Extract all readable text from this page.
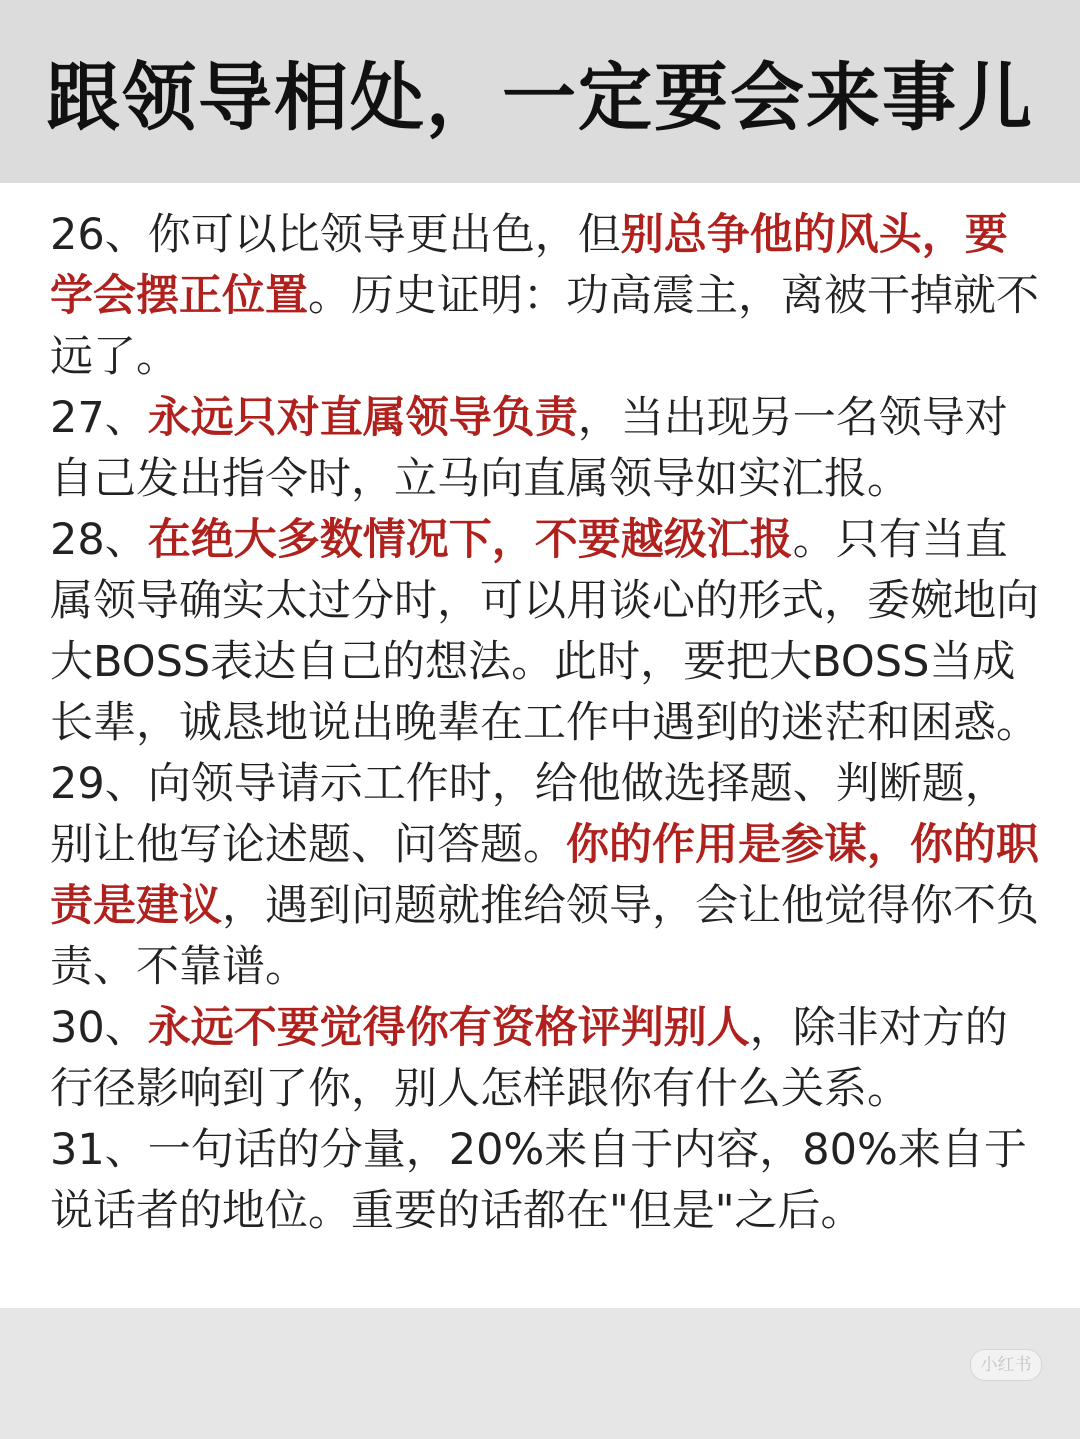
跟领导相处，一定要会来事儿

26、你可以比领导更出色，但别总争他的风头，要学会摆正位置。历史证明：功高震主，离被干掉就不远了。

27、永远只对直属领导负责，当出现另一名领导对自己发出指令时，立马向直属领导如实汇报。

28、在绝大多数情况下，不要越级汇报。只有当直属领导确实太过分时，可以用谈心的形式，委婉地向大BOSS表达自己的想法。此时，要把大BOSS当成长辈，诚恳地说出晚辈在工作中遇到的迷茫和困惑。

29、向领导请示工作时，给他做选择题、判断题，别让他写论述题、问答题。你的作用是参谋，你的职责是建议，遇到问题就推给领导，会让他觉得你不负责、不靠谱。

30、永远不要觉得你有资格评判别人，除非对方的行径影响到了你，别人怎样跟你有什么关系。

31、一句话的分量，20%来自于内容，80%来自于说话者的地位。重要的话都在"但是"之后。

小红书
